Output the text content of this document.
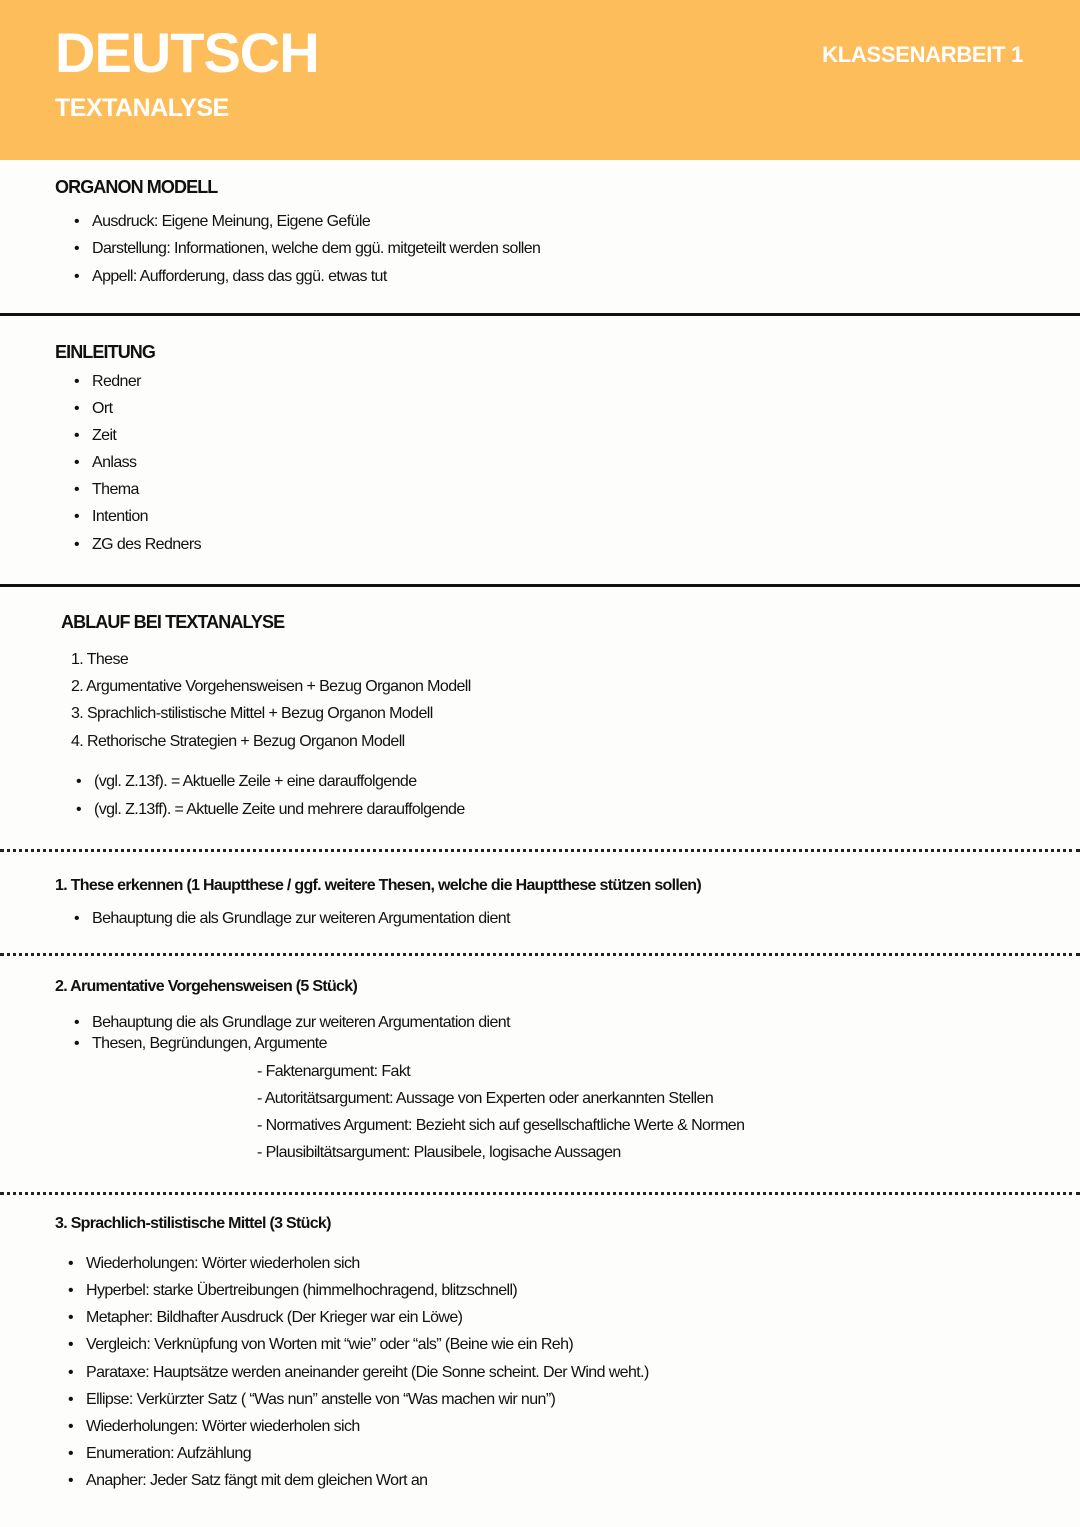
DEUTSCH
TEXTANALYSE
KLASSENARBEIT 1
ORGANON MODELL
• Ausdruck: Eigene Meinung, Eigene Gefüle
• Darstellung: Informationen, welche dem ggü. mitgeteilt werden sollen
• Appell: Aufforderung, dass das ggü. etwas tut
EINLEITUNG
• Redner
• Ort
• Zeit
• Anlass
• Thema
• Intention
• ZG des Redners
ABLAUF BEI TEXTANALYSE
1. These
2. Argumentative Vorgehensweisen + Bezug Organon Modell
3. Sprachlich-stilistische Mittel + Bezug Organon Modell
4. Rethorische Strategien + Bezug Organon Modell
• (vgl. Z.13f). = Aktuelle Zeile + eine darauffolgende
• (vgl. Z.13ff). = Aktuelle Zeite und mehrere darauffolgende
1. These erkennen (1 Hauptthese / ggf. weitere Thesen, welche die Hauptthese stützen sollen)
• Behauptung die als Grundlage zur weiteren Argumentation dient
2. Arumentative Vorgehensweisen (5 Stück)
• Behauptung die als Grundlage zur weiteren Argumentation dient
• Thesen, Begründungen, Argumente
- Faktenargument: Fakt
- Autoritätsargument: Aussage von Experten oder anerkannten Stellen
- Normatives Argument: Bezieht sich auf gesellschaftliche Werte & Normen
- Plausibiltätsargument: Plausibele, logisache Aussagen
3. Sprachlich-stilistische Mittel (3 Stück)
• Wiederholungen: Wörter wiederholen sich
• Hyperbel: starke Übertreibungen (himmelhochragend, blitzschnell)
• Metapher: Bildhafter Ausdruck (Der Krieger war ein Löwe)
• Vergleich: Verknüpfung von Worten mit “wie” oder “als” (Beine wie ein Reh)
• Parataxe: Hauptsätze werden aneinander gereiht (Die Sonne scheint. Der Wind weht.)
• Ellipse: Verkürzter Satz ( “Was nun” anstelle von “Was machen wir nun”)
• Wiederholungen: Wörter wiederholen sich
• Enumeration: Aufzählung
• Anapher: Jeder Satz fängt mit dem gleichen Wort an
